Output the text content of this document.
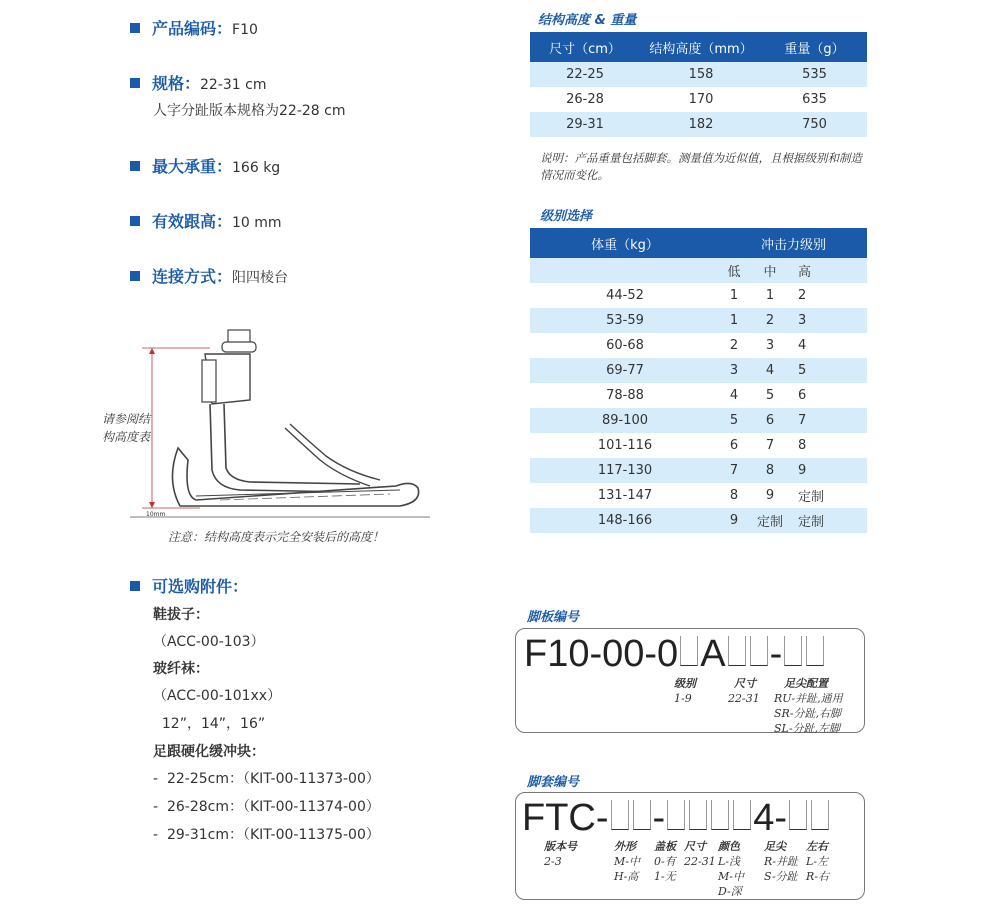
产品编码：F10
规格：22-31 cm
人字分趾版本规格为22-28 cm
最大承重：166 kg
有效跟高：10 mm
连接方式：阳四棱台
10mm
请参阅结
构高度表
注意：结构高度表示完全安装后的高度！
可选购附件：
鞋拔子：
（ACC-00-103）
玻纤袜：
（ACC-00-101xx）
12”，14”，16”
足跟硬化缓冲块：
-  22-25cm：（KIT-00-11373-00）
-  26-28cm：（KIT-00-11374-00）
-  29-31cm：（KIT-00-11375-00）
结构高度 & 重量
尺寸（cm）	结构高度（mm）	重量（g）
22-25	158	535
26-28	170	635
29-31	182	750
说明：产品重量包括脚套。测量值为近似值，且根据级别和制造情况而变化。
级别选择
体重（kg）	冲击力级别		
	低	中	高
44-52	1	1	2
53-59	1	2	3
60-68	2	3	4
69-77	3	4	5
78-88	4	5	6
89-100	5	6	7
101-116	6	7	8
117-130	7	8	9
131-147	8	9	定制
148-166	9	定制	定制
脚板编号
F10-00-0 A -
级别
1-9
尺寸
22-31
足尖配置
RU-并趾,通用
SR-分趾,右脚
SL-分趾,左脚
脚套编号
FTC- - 4-
版本号
2-3
外形
M-中
H-高
盖板
0-有
1-无
尺寸
22-31
颜色
L-浅
M-中
D-深
足尖
R-并趾
S-分趾
左右
L-左
R-右
